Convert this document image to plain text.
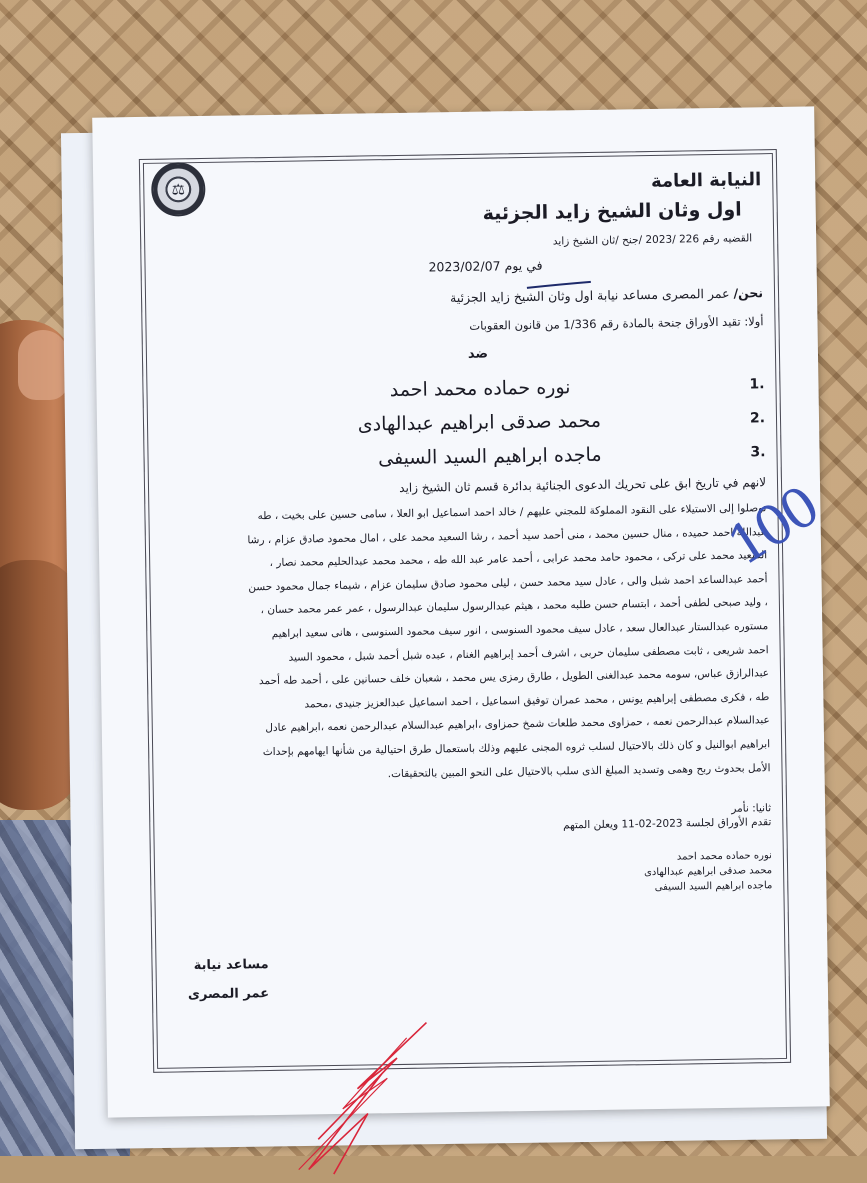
⚖	النيابة العامة
اول وثان الشيخ زايد الجزئية
القضيه رقم 226 /2023 /جنح /ثان الشيخ زايد
في يوم 2023/02/07
نحن/ عمر المصرى مساعد نيابة اول وثان الشيخ زايد الجزئية
أولا: تقيد الأوراق جنحة بالمادة رقم 1/336 من قانون العقوبات
ضد
.1
نوره حماده محمد احمد
.2
محمد صدقى ابراهيم عبدالهادى
.3
ماجده ابراهيم السيد السيفى
لانهم في تاريخ ابق على تحريك الدعوى الجنائية بدائرة قسم ثان الشيخ زايد
توصلوا إلى الاستيلاء على النقود المملوكة للمجني عليهم / خالد احمد اسماعيل ابو العلا ، سامى حسين على بخيت ، طه
عبدالله احمد حميده ، منال حسين محمد ، منى أحمد سيد أحمد ، رشا السعيد محمد على ، امال محمود صادق عزام ، رشا
السعيد محمد على تركى ، محمود حامد محمد عرابى ، أحمد عامر عبد الله طه ، محمد محمد عبدالحليم محمد نصار ،
أحمد عبدالساعد احمد شبل والى ، عادل سيد محمد حسن ، ليلى محمود صادق سليمان عزام ، شيماء جمال محمود حسن
، وليد صبحى لطفى أحمد ، ابتسام حسن طلبه محمد ، هيثم عبدالرسول سليمان عبدالرسول ، عمر عمر محمد حسان ،
مستوره عبدالستار عبدالعال سعد ، عادل سيف محمود السنوسى ، انور سيف محمود السنوسى ، هانى سعيد ابراهيم
احمد شريعى ، ثابت مصطفى سليمان حربى ، اشرف أحمد إبراهيم الغنام ، عبده شبل أحمد شبل ، محمود السيد
عبدالرازق عباس، سومه محمد عبدالغنى الطويل ، طارق رمزى يس محمد ، شعبان خلف حسانين على ، أحمد طه أحمد
طه ، فكرى مصطفى إبراهيم يونس ، محمد عمران توفيق اسماعيل ، احمد اسماعيل عبدالعزيز جنيدى ،محمد
عبدالسلام عبدالرحمن نعمه ، حمزاوى محمد طلعات شمخ حمزاوى ،ابراهيم عبدالسلام عبدالرحمن نعمه ،ابراهيم عادل
ابراهيم ابوالنيل و كان ذلك بالاحتيال لسلب ثروه المجنى عليهم وذلك باستعمال طرق احتيالية من شأنها ايهامهم بإحداث
الأمل بحدوث ربح وهمى وتسديد المبلغ الذى سلب بالاحتيال على النحو المبين بالتحقيقات.
ثانيا: نأمر
تقدم الأوراق لجلسة 2023-02-11 ويعلن المتهم
نوره حماده محمد احمد
محمد صدقى ابراهيم عبدالهادى
ماجده ابراهيم السيد السيفى
مساعد نيابة
عمر المصرى
100
